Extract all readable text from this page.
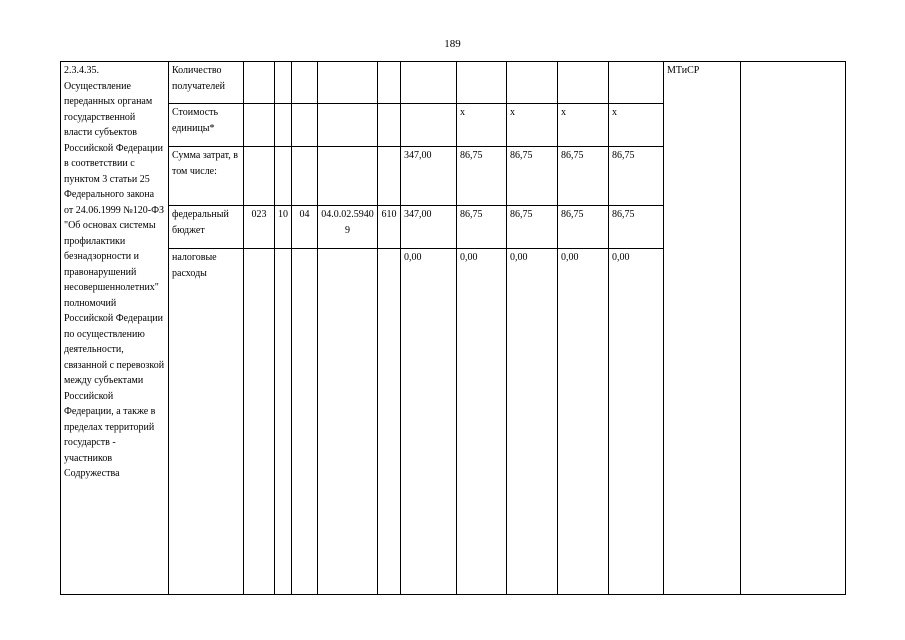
189
2.3.4.35. Осуществление переданных органам государственной власти субъектов Российской Федерации в соответствии с пунктом 3 статьи 25 Федерального закона от 24.06.1999 №120-ФЗ "Об основах системы профилактики безнадзорности и правонарушений несовершеннолетних" полномочий Российской Федерации по осуществлению деятельности, связанной с перевозкой между субъектами Российской Федерации, а также в пределах территорий государств - участников Содружества	Количество получателей											МТиСР	
	Стоимость единицы*							x	x	x	x		
	Сумма затрат, в том числе:						347,00	86,75	86,75	86,75	86,75		
	федеральный бюджет	023	10	04	04.0.02.59409	610	347,00	86,75	86,75	86,75	86,75		
	налоговые расходы						0,00	0,00	0,00	0,00	0,00		
